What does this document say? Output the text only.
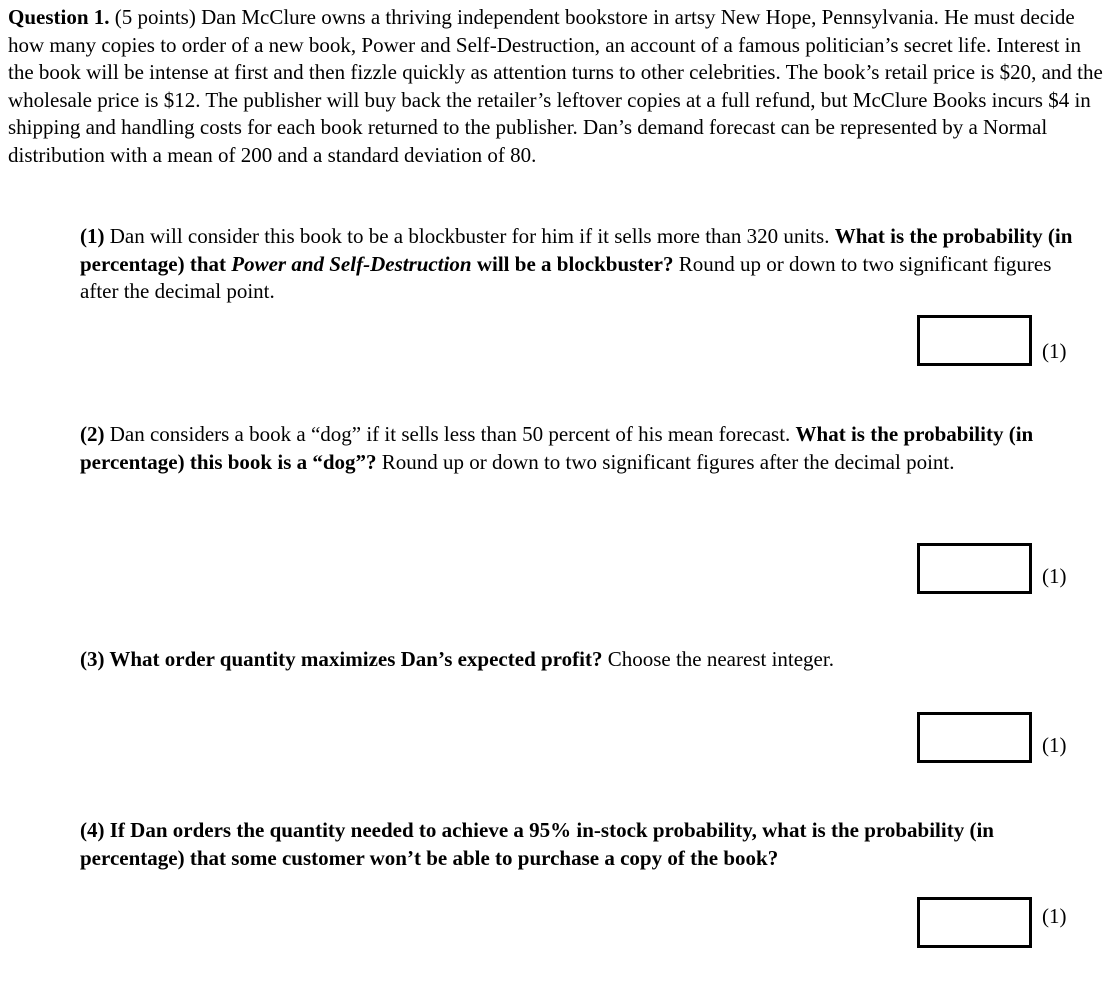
Question 1. (5 points) Dan McClure owns a thriving independent bookstore in artsy New Hope, Pennsylvania. He must decide how many copies to order of a new book, Power and Self-Destruction, an account of a famous politician’s secret life. Interest in the book will be intense at first and then fizzle quickly as attention turns to other celebrities. The book’s retail price is $20, and the wholesale price is $12. The publisher will buy back the retailer’s leftover copies at a full refund, but McClure Books incurs $4 in shipping and handling costs for each book returned to the publisher. Dan’s demand forecast can be represented by a Normal distribution with a mean of 200 and a standard deviation of 80.
(1) Dan will consider this book to be a blockbuster for him if it sells more than 320 units. What is the probability (in percentage) that Power and Self-Destruction will be a blockbuster? Round up or down to two significant figures after the decimal point.
(1)
(2) Dan considers a book a “dog” if it sells less than 50 percent of his mean forecast. What is the probability (in percentage) this book is a “dog”? Round up or down to two significant figures after the decimal point.
(1)
(3) What order quantity maximizes Dan’s expected profit? Choose the nearest integer.
(1)
(4) If Dan orders the quantity needed to achieve a 95% in-stock probability, what is the probability (in percentage) that some customer won’t be able to purchase a copy of the book?
(1)
